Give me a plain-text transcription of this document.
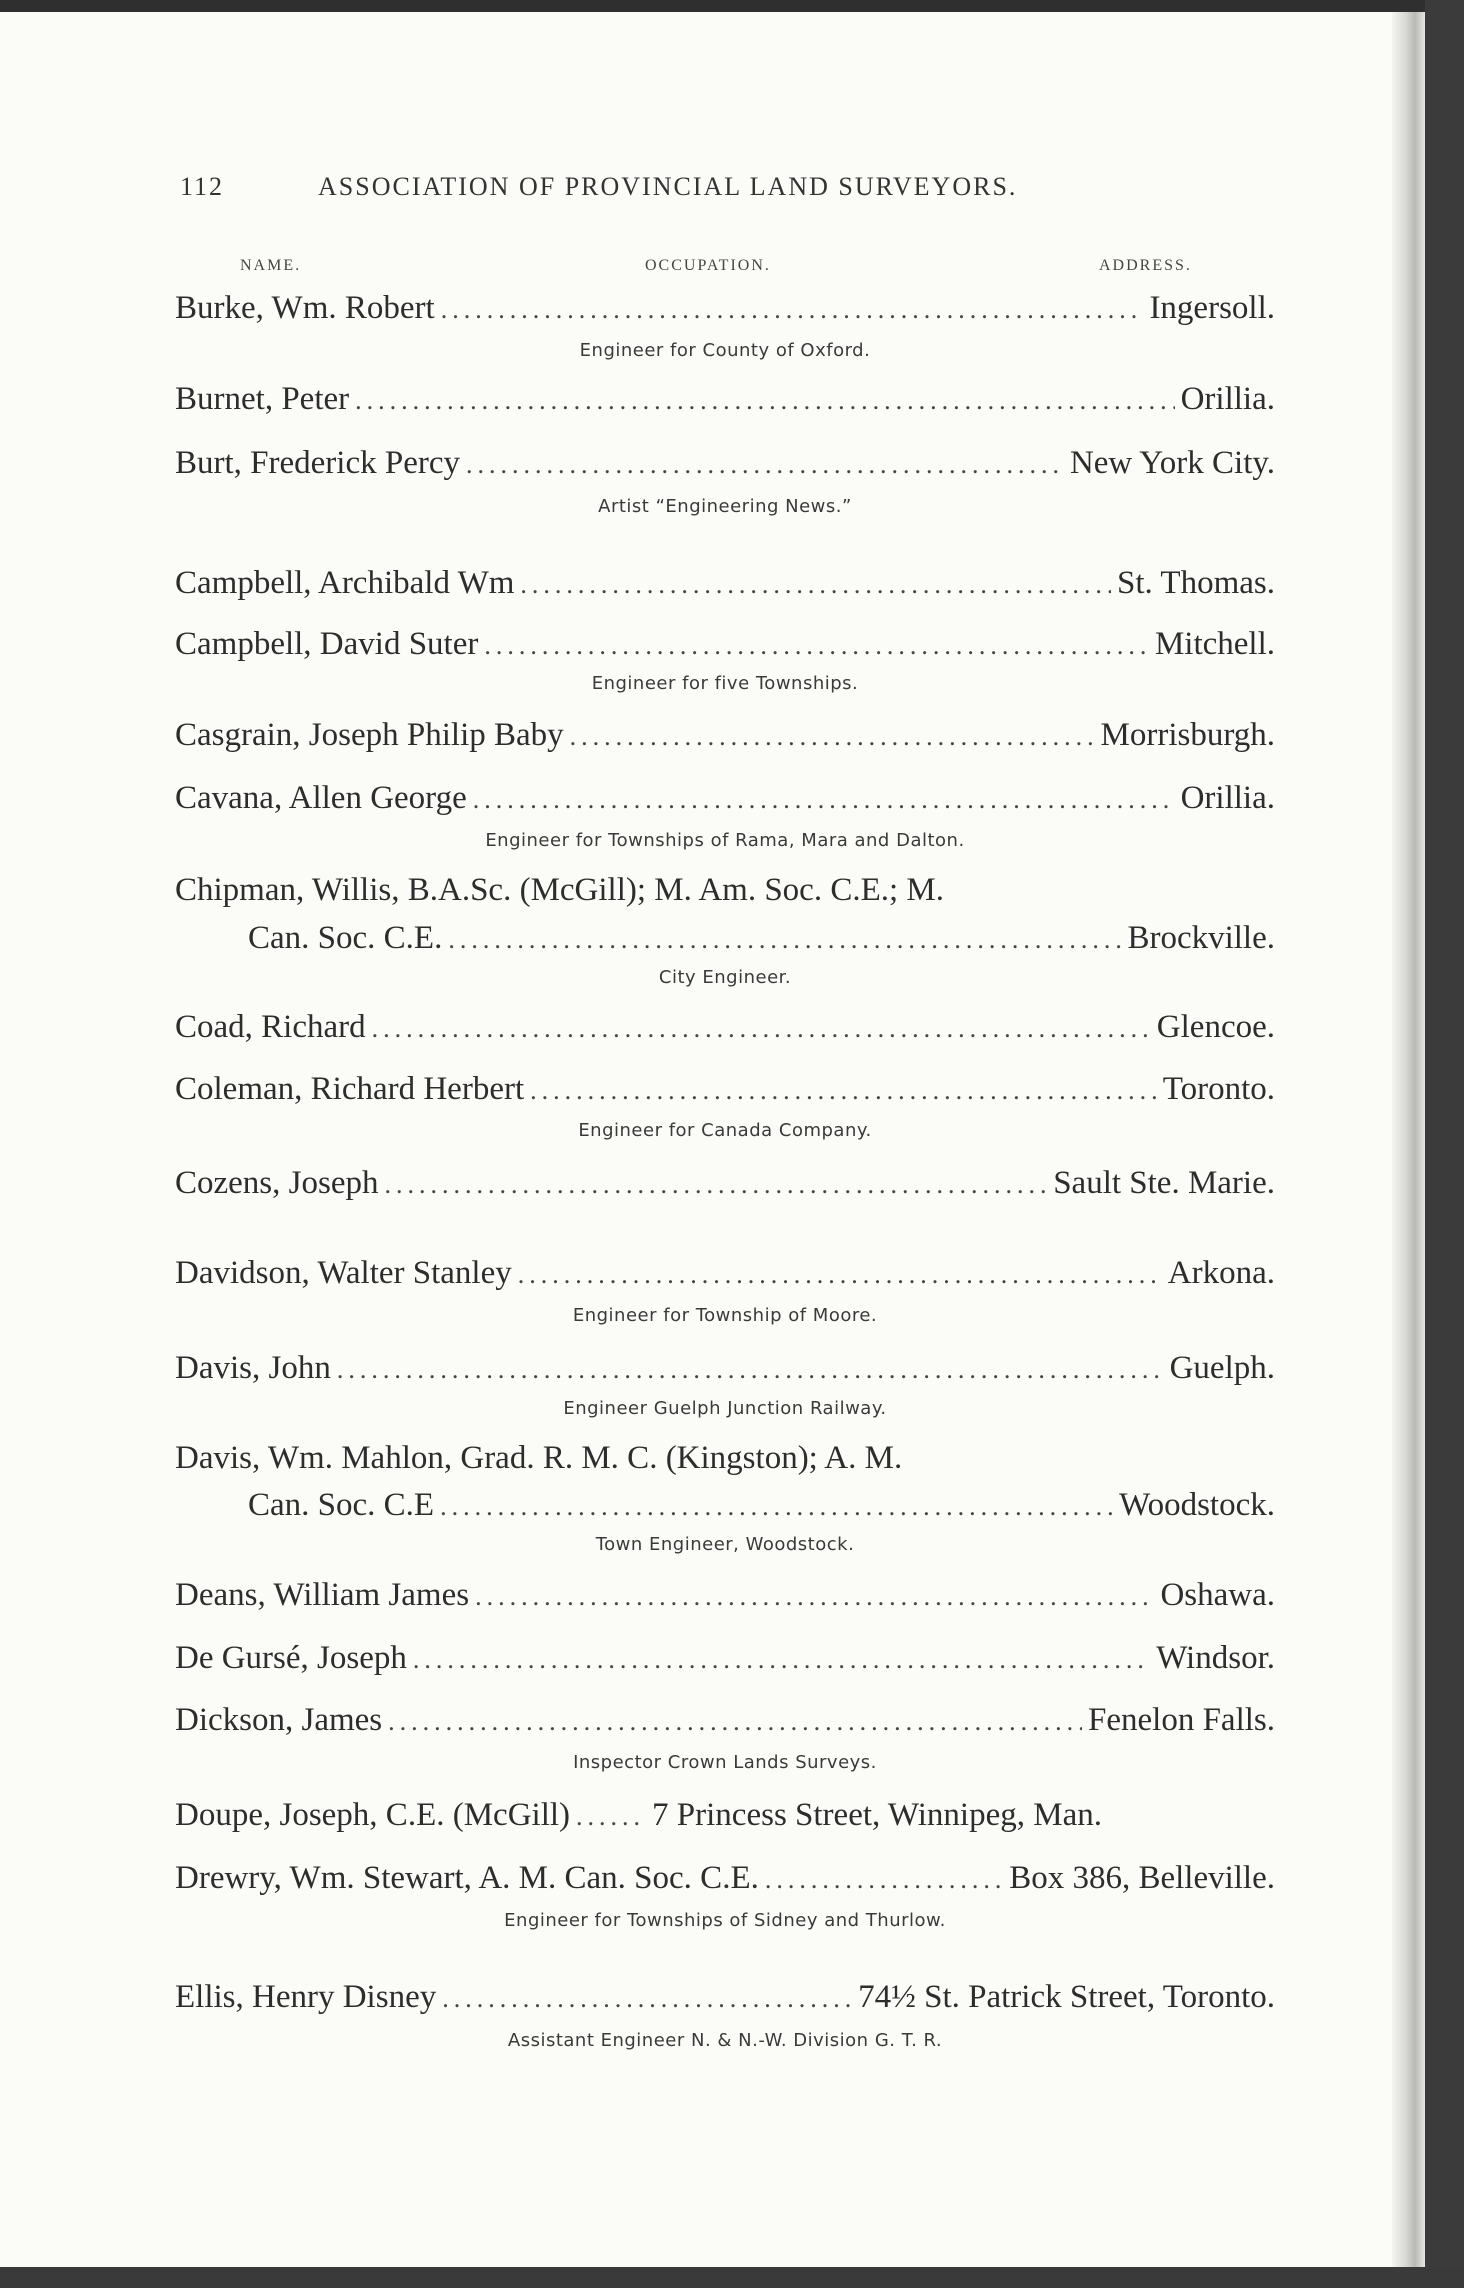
112	ASSOCIATION OF PROVINCIAL LAND SURVEYORS.
NAME.	OCCUPATION.	ADDRESS.
Burke, Wm. Robert .....	Ingersoll.
Engineer for County of Oxford.
Burnet, Peter .....	Orillia.
Burt, Frederick Percy .....	New York City.
Artist “Engineering News.”
Campbell, Archibald Wm .....	St. Thomas.
Campbell, David Suter .....	Mitchell.
Engineer for five Townships.
Casgrain, Joseph Philip Baby .....	Morrisburgh.
Cavana, Allen George .....	Orillia.
Engineer for Townships of Rama, Mara and Dalton.
Chipman, Willis, B.A.Sc. (McGill); M. Am. Soc. C.E.; M.
Can. Soc. C.E. .....	Brockville.
City Engineer.
Coad, Richard .....	Glencoe.
Coleman, Richard Herbert .....	Toronto.
Engineer for Canada Company.
Cozens, Joseph .....	Sault Ste. Marie.
Davidson, Walter Stanley .....	Arkona.
Engineer for Township of Moore.
Davis, John .....	Guelph.
Engineer Guelph Junction Railway.
Davis, Wm. Mahlon, Grad. R. M. C. (Kingston); A. M.
Can. Soc. C.E .....	Woodstock.
Town Engineer, Woodstock.
Deans, William James .....	Oshawa.
De Gursé, Joseph .....	Windsor.
Dickson, James .....	Fenelon Falls.
Inspector Crown Lands Surveys.
Doupe, Joseph, C.E. (McGill) ..... 7 Princess Street, Winnipeg, Man.
Drewry, Wm. Stewart, A. M. Can. Soc. C.E. .....	Box 386, Belleville.
Engineer for Townships of Sidney and Thurlow.
Ellis, Henry Disney .....	74½ St. Patrick Street, Toronto.
Assistant Engineer N. & N.-W. Division G. T. R.
